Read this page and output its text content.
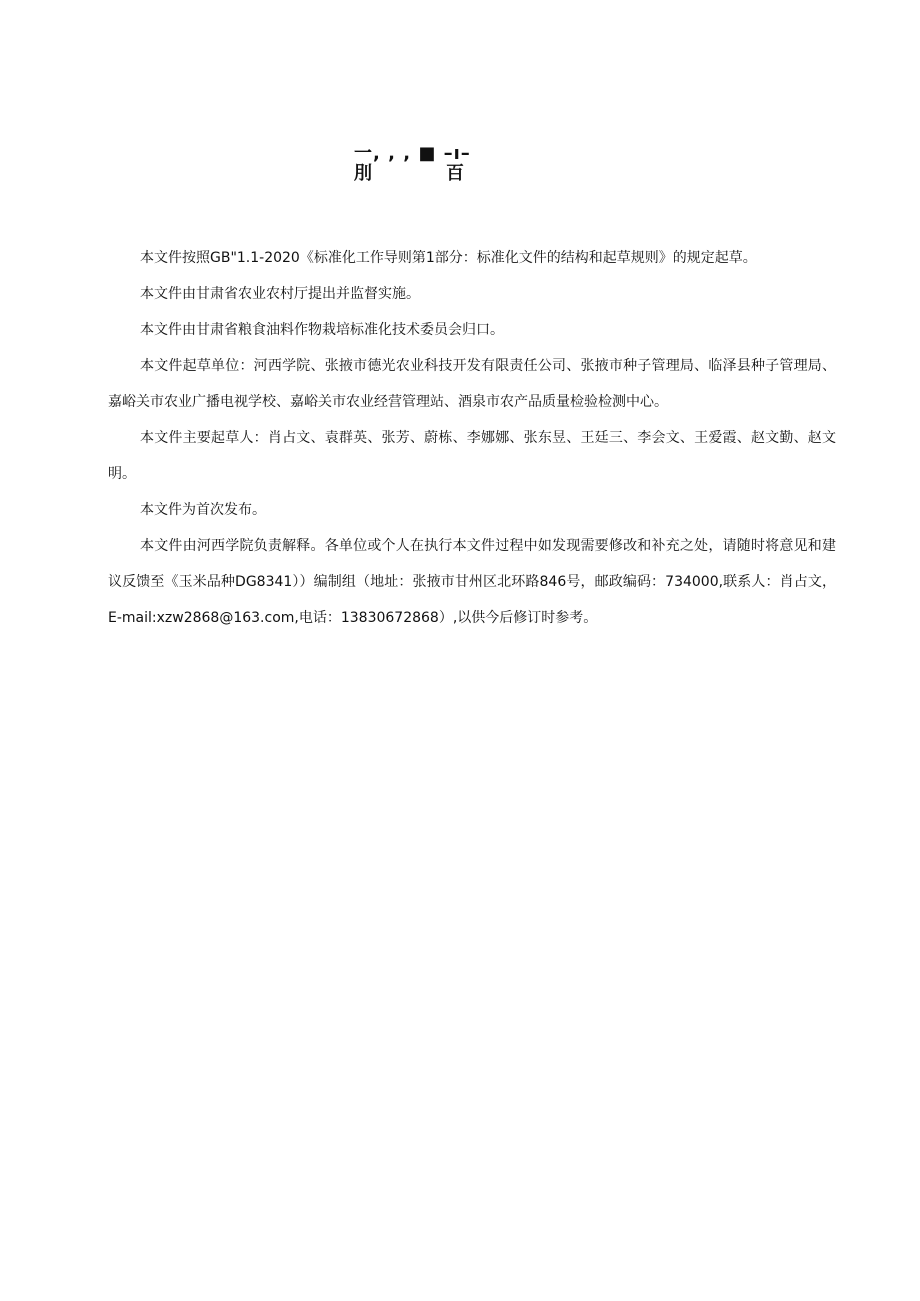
一, , , ■ –ı–
刖	百

本文件按照GB"1.1-2020《标准化工作导则第1部分：标准化文件的结构和起草规则》的规定起草。

本文件由甘肃省农业农村厅提出并监督实施。

本文件由甘肃省粮食油料作物栽培标准化技术委员会归口。

本文件起草单位：河西学院、张掖市德光农业科技开发有限责任公司、张掖市种子管理局、临泽县种子管理局、嘉峪关市农业广播电视学校、嘉峪关市农业经营管理站、酒泉市农产品质量检验检测中心。

本文件主要起草人：肖占文、袁群英、张芳、蔚栋、李娜娜、张东昱、王廷三、李会文、王爱霞、赵文勤、赵文明。

本文件为首次发布。

本文件由河西学院负责解释。各单位或个人在执行本文件过程中如发现需要修改和补充之处，请随时将意见和建议反馈至《玉米品种DG8341））编制组（地址：张掖市甘州区北环路846号，邮政编码：734000,联系人：肖占文，E-mail:xzw2868@163.com,电话：13830672868）,以供今后修订时参考。
